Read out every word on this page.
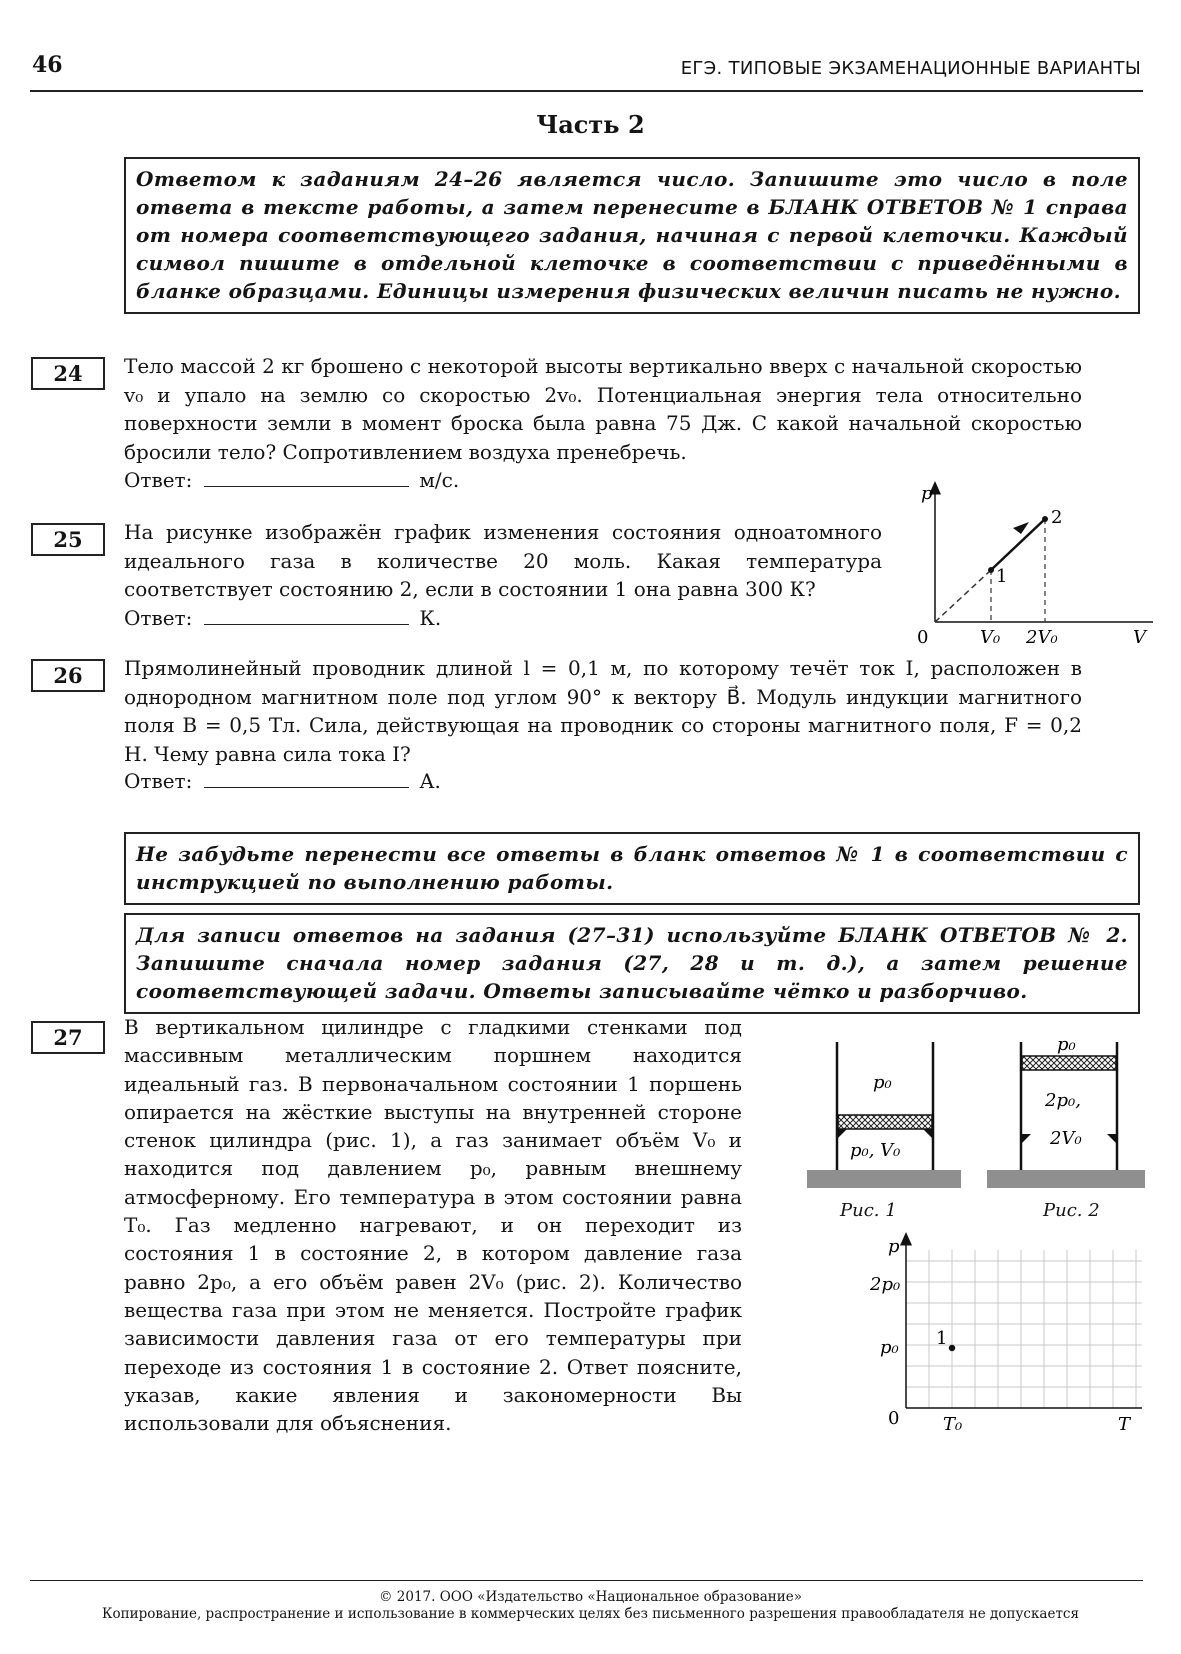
46	ЕГЭ. ТИПОВЫЕ ЭКЗАМЕНАЦИОННЫЕ ВАРИАНТЫ
Часть 2
Ответом к заданиям 24–26 является число. Запишите это число в поле ответа в тексте работы, а затем перенесите в БЛАНК ОТВЕТОВ № 1 справа от номера соответствующего задания, начиная с первой клеточки. Каждый символ пишите в отдельной клеточке в соответствии с приведёнными в бланке образцами. Единицы измерения физических величин писать не нужно.
24	Тело массой 2 кг брошено с некоторой высоты вертикально вверх с начальной скоростью v₀ и упало на землю со скоростью 2v₀. Потенциальная энергия тела относительно поверхности земли в момент броска была равна 75 Дж. С какой начальной скоростью бросили тело? Сопротивлением воздуха пренебречь.
Ответ:	м/с.
25	На рисунке изображён график изменения состояния одноатомного идеального газа в количестве 20 моль. Какая температура соответствует состоянию 2, если в состоянии 1 она равна 300 К?
Ответ:	К.
p
0
1
2
V₀ 2V₀	V
26	Прямолинейный проводник длиной l = 0,1 м, по которому течёт ток I, расположен в однородном магнитном поле под углом 90° к вектору B⃗. Модуль индукции магнитного поля B = 0,5 Тл. Сила, действующая на проводник со стороны магнитного поля, F = 0,2 Н. Чему равна сила тока I?
Ответ:	А.
Не забудьте перенести все ответы в бланк ответов № 1 в соответствии с инструкцией по выполнению работы.
Для записи ответов на задания (27–31) используйте БЛАНК ОТВЕТОВ № 2. Запишите сначала номер задания (27, 28 и т. д.), а затем решение соответствующей задачи. Ответы записывайте чётко и разборчиво.
27	В вертикальном цилиндре с гладкими стенками под массивным металлическим поршнем находится идеальный газ. В первоначальном состоянии 1 поршень опирается на жёсткие выступы на внутренней стороне стенок цилиндра (рис. 1), а газ занимает объём V₀ и находится под давлением p₀, равным внешнему атмосферному. Его температура в этом состоянии равна T₀. Газ медленно нагревают, и он переходит из состояния 1 в состояние 2, в котором давление газа равно 2p₀, а его объём равен 2V₀ (рис. 2). Количество вещества газа при этом не меняется. Постройте график зависимости давления газа от его температуры при переходе из состояния 1 в состояние 2. Ответ поясните, указав, какие явления и закономерности Вы использовали для объяснения.
p₀
p₀, V₀
Рис. 1
p₀
2p₀,
2V₀
Рис. 2
p
2p₀
p₀
0 T₀	T
1
© 2017. ООО «Издательство «Национальное образование»
Копирование, распространение и использование в коммерческих целях без письменного разрешения правообладателя не допускается
